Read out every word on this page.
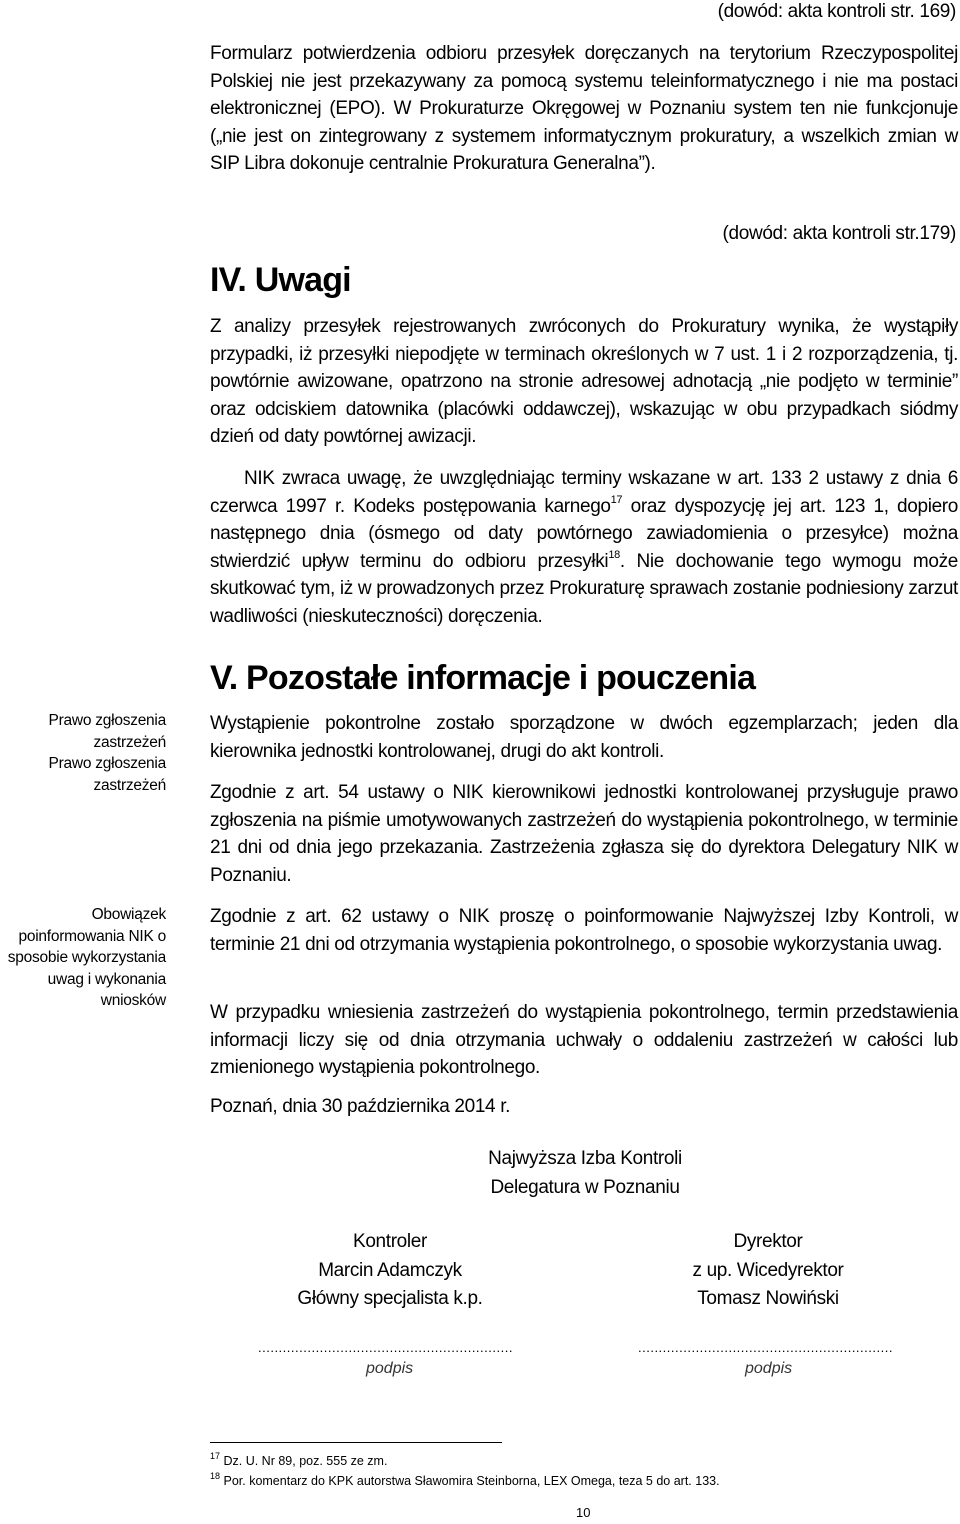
(dowód: akta kontroli str. 169)
Formularz potwierdzenia odbioru przesyłek doręczanych na terytorium Rzeczypospolitej Polskiej nie jest przekazywany za pomocą systemu teleinformatycznego i nie ma postaci elektronicznej (EPO). W Prokuraturze Okręgowej w Poznaniu system ten nie funkcjonuje („nie jest on zintegrowany z systemem informatycznym prokuratury, a wszelkich zmian w SIP Libra dokonuje centralnie Prokuratura Generalna”).
(dowód: akta kontroli str.179)
IV. Uwagi
Z analizy przesyłek rejestrowanych zwróconych do Prokuratury wynika, że wystąpiły przypadki, iż przesyłki niepodjęte w terminach określonych w 7 ust. 1 i 2 rozporządzenia, tj. powtórnie awizowane, opatrzono na stronie adresowej adnotacją „nie podjęto w terminie” oraz odciskiem datownika (placówki oddawczej), wskazując w obu przypadkach siódmy dzień od daty powtórnej awizacji.
NIK zwraca uwagę, że uwzględniając terminy wskazane w art. 133 2 ustawy z dnia 6 czerwca 1997 r. Kodeks postępowania karnego$^{17}$ oraz dyspozycję jej art. 123 1, dopiero następnego dnia (ósmego od daty powtórnego zawiadomienia o przesyłce) można stwierdzić upływ terminu do odbioru przesyłki$^{18}$. Nie dochowanie tego wymogu może skutkować tym, iż w prowadzonych przez Prokuraturę sprawach zostanie podniesiony zarzut wadliwości (nieskuteczności) doręczenia.
V. Pozostałe informacje i pouczenia
Prawo zgłoszenia zastrzeżeń
Prawo zgłoszenia zastrzeżeń
Obowiązek poinformowania NIK o sposobie wykorzystania uwag i wykonania wniosków
Wystąpienie pokontrolne zostało sporządzone w dwóch egzemplarzach; jeden dla kierownika jednostki kontrolowanej, drugi do akt kontroli.
Zgodnie z art. 54 ustawy o NIK kierownikowi jednostki kontrolowanej przysługuje prawo zgłoszenia na piśmie umotywowanych zastrzeżeń do wystąpienia pokontrolnego, w terminie 21 dni od dnia jego przekazania. Zastrzeżenia zgłasza się do dyrektora Delegatury NIK w Poznaniu.
Zgodnie z art. 62 ustawy o NIK proszę o poinformowanie Najwyższej Izby Kontroli, w terminie 21 dni od otrzymania wystąpienia pokontrolnego, o sposobie wykorzystania uwag.
W przypadku wniesienia zastrzeżeń do wystąpienia pokontrolnego, termin przedstawienia informacji liczy się od dnia otrzymania uchwały o oddaleniu zastrzeżeń w całości lub zmienionego wystąpienia pokontrolnego.
Poznań, dnia 30 października 2014 r.
Najwyższa Izba Kontroli
Delegatura w Poznaniu
Kontroler
Marcin Adamczyk
Główny specjalista k.p.
Dyrektor
z up. Wicedyrektor
Tomasz Nowiński
..............................................................
podpis
..............................................................
podpis
$^{17}$ Dz. U. Nr 89, poz. 555 ze zm.
$^{18}$ Por. komentarz do KPK autorstwa Sławomira Steinborna, LEX Omega, teza 5 do art. 133.
10
